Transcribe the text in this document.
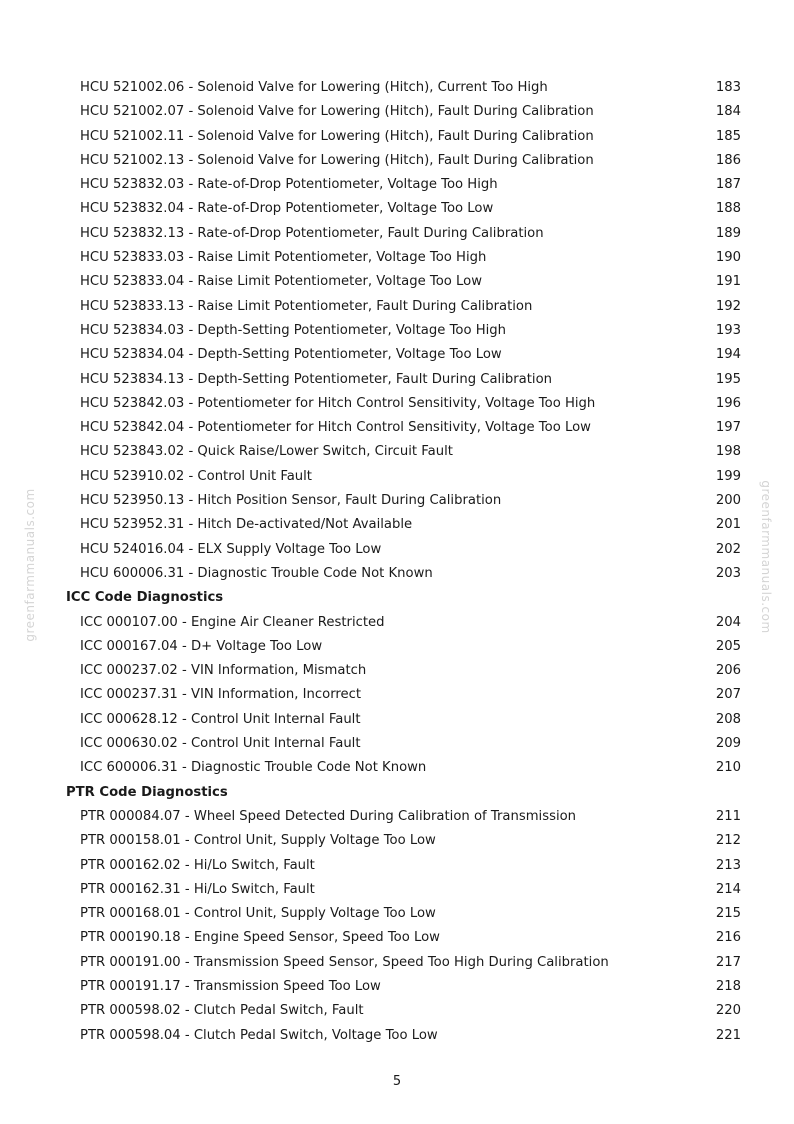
greenfarmmanuals.com	greenfarmmanuals.com
HCU 521002.06 - Solenoid Valve for Lowering (Hitch), Current Too High	183
HCU 521002.07 - Solenoid Valve for Lowering (Hitch), Fault During Calibration	184
HCU 521002.11 - Solenoid Valve for Lowering (Hitch), Fault During Calibration	185
HCU 521002.13 - Solenoid Valve for Lowering (Hitch), Fault During Calibration	186
HCU 523832.03 - Rate-of-Drop Potentiometer, Voltage Too High	187
HCU 523832.04 - Rate-of-Drop Potentiometer, Voltage Too Low	188
HCU 523832.13 - Rate-of-Drop Potentiometer, Fault During Calibration	189
HCU 523833.03 - Raise Limit Potentiometer, Voltage Too High	190
HCU 523833.04 - Raise Limit Potentiometer, Voltage Too Low	191
HCU 523833.13 - Raise Limit Potentiometer, Fault During Calibration	192
HCU 523834.03 - Depth-Setting Potentiometer, Voltage Too High	193
HCU 523834.04 - Depth-Setting Potentiometer, Voltage Too Low	194
HCU 523834.13 - Depth-Setting Potentiometer, Fault During Calibration	195
HCU 523842.03 - Potentiometer for Hitch Control Sensitivity, Voltage Too High	196
HCU 523842.04 - Potentiometer for Hitch Control Sensitivity, Voltage Too Low	197
HCU 523843.02 - Quick Raise/Lower Switch, Circuit Fault	198
HCU 523910.02 - Control Unit Fault	199
HCU 523950.13 - Hitch Position Sensor, Fault During Calibration	200
HCU 523952.31 - Hitch De-activated/Not Available	201
HCU 524016.04 - ELX Supply Voltage Too Low	202
HCU 600006.31 - Diagnostic Trouble Code Not Known	203
ICC Code Diagnostics
ICC 000107.00 - Engine Air Cleaner Restricted	204
ICC 000167.04 - D+ Voltage Too Low	205
ICC 000237.02 - VIN Information, Mismatch	206
ICC 000237.31 - VIN Information, Incorrect	207
ICC 000628.12 - Control Unit Internal Fault	208
ICC 000630.02 - Control Unit Internal Fault	209
ICC 600006.31 - Diagnostic Trouble Code Not Known	210
PTR Code Diagnostics
PTR 000084.07 - Wheel Speed Detected During Calibration of Transmission	211
PTR 000158.01 - Control Unit, Supply Voltage Too Low	212
PTR 000162.02 - Hi/Lo Switch, Fault	213
PTR 000162.31 - Hi/Lo Switch, Fault	214
PTR 000168.01 - Control Unit, Supply Voltage Too Low	215
PTR 000190.18 - Engine Speed Sensor, Speed Too Low	216
PTR 000191.00 - Transmission Speed Sensor, Speed Too High During Calibration	217
PTR 000191.17 - Transmission Speed Too Low	218
PTR 000598.02 - Clutch Pedal Switch, Fault	220
PTR 000598.04 - Clutch Pedal Switch, Voltage Too Low	221
5
